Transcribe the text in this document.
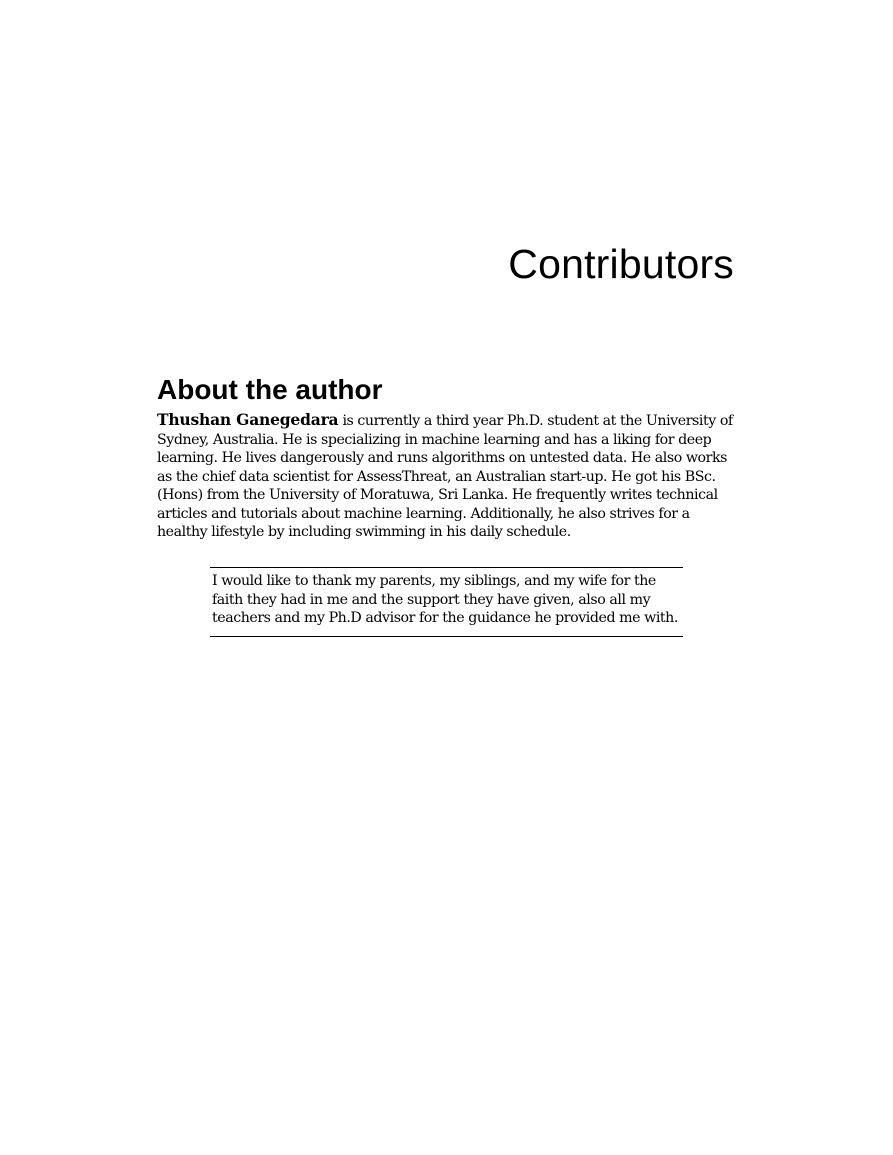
Contributors
About the author

Thushan Ganegedara is currently a third year Ph.D. student at the University of Sydney, Australia. He is specializing in machine learning and has a liking for deep learning. He lives dangerously and runs algorithms on untested data. He also works as the chief data scientist for AssessThreat, an Australian start-up. He got his BSc. (Hons) from the University of Moratuwa, Sri Lanka. He frequently writes technical articles and tutorials about machine learning. Additionally, he also strives for a healthy lifestyle by including swimming in his daily schedule.

I would like to thank my parents, my siblings, and my wife for the faith they had in me and the support they have given, also all my teachers and my Ph.D advisor for the guidance he provided me with.
